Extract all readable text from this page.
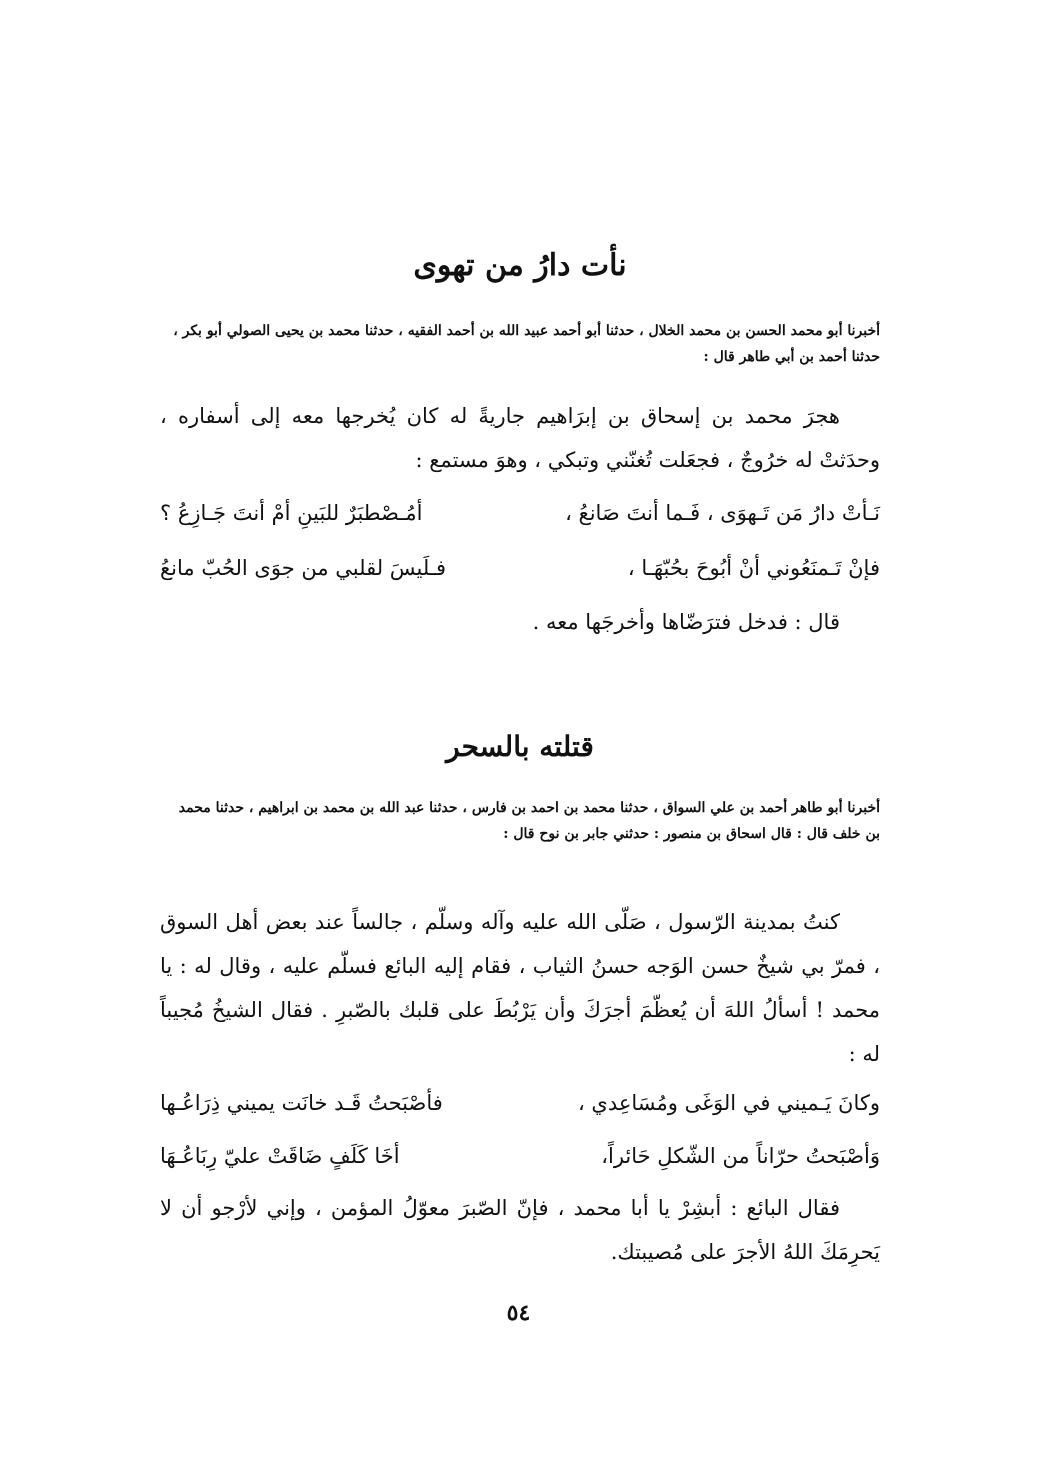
نأت دارُ من تهوى
أخبرنا أبو محمد الحسن بن محمد الخلال ، حدثنا أبو أحمد عبيد الله بن أحمد الفقيه ، حدثنا محمد بن يحيى الصولي أبو بكر ، حدثنا أحمد بن أبي طاهر قال :
هجرَ محمد بن إسحاق بن إبرَاهيم جاريةً له كان يُخرجها معه إلى أسفاره ، وحدَثتْ له خرُوجٌ ، فجعَلت تُغنّني وتبكي ، وهوَ مستمع :
نَـأتْ دارُ مَن تَـهوَى ، فَـما أنتَ صَانعُ ،
أمُـصْطبَرٌ للبَينِ أمْ أنتَ جَـازِعُ ؟
فإنْ تَـمنَعُوني أنْ أبُوحَ بحُبّهَـا ،
فـلَيسَ لقلبي من جوَى الحُبّ مانعُ
قال : فدخل فترَضّاها وأخرجَها معه .
قتلته بالسحر
أخبرنا أبو طاهر أحمد بن علي السواق ، حدثنا محمد بن احمد بن فارس ، حدثنا عبد الله بن محمد بن ابراهيم ، حدثنا محمد بن خلف قال : قال اسحاق بن منصور : حدثني جابر بن نوح قال :
كنتُ بمدينة الرّسول ، صَلّى الله عليه وآله وسلّم ، جالساً عند بعض أهل السوق ، فمرّ بي شيخٌ حسن الوَجه حسنُ الثياب ، فقام إليه البائع فسلّم عليه ، وقال له : يا محمد ! أسألُ اللهَ أن يُعظّمَ أجرَكَ وأن يَرْبُطَ على قلبك بالصّبرِ . فقال الشيخُ مُجيباً له :
وكانَ يَـميني في الوَغَى ومُسَاعِدي ،
فأصْبَحتُ قَـد خانَت يميني ذِرَاعُـها
وَأصْبَحتُ حرّاناً من الشّكلِ حَائراً،
أخَا كَلَفٍ ضَاقَتْ عليّ رِبَاعُـهَا
فقال البائع : أبشِرْ يا أبا محمد ، فإنّ الصّبرَ معوّلُ المؤمن ، وإني لأرْجو أن لا يَحرِمَكَ اللهُ الأجرَ على مُصيبتك.
٥٤
